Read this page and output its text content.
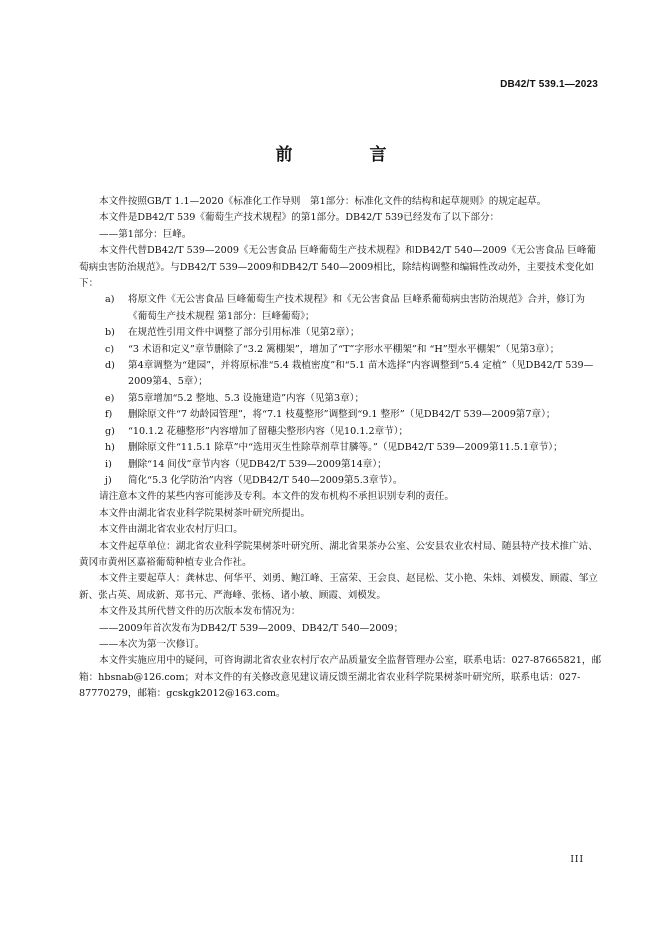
DB42/T 539.1—2023
前　言

本文件按照GB/T 1.1—2020《标准化工作导则　第1部分：标准化文件的结构和起草规则》的规定起草。

本文件是DB42/T 539《葡萄生产技术规程》的第1部分。DB42/T 539已经发布了以下部分：

——第1部分：巨峰。

本文件代替DB42/T 539—2009《无公害食品 巨峰葡萄生产技术规程》和DB42/T 540—2009《无公害食品 巨峰葡萄病虫害防治规范》。与DB42/T 539—2009和DB42/T 540—2009相比，除结构调整和编辑性改动外，主要技术变化如下：

a) 将原文件《无公害食品 巨峰葡萄生产技术规程》和《无公害食品 巨峰系葡萄病虫害防治规范》合并，修订为《葡萄生产技术规程 第1部分：巨峰葡萄》；
b) 在规范性引用文件中调整了部分引用标准（见第2章）；
c) “3 术语和定义”章节删除了“3.2 篱棚架”，增加了“T”字形水平棚架”和 “H”型水平棚架”（见第3章）；
d) 第4章调整为“建园”，并将原标准“5.4 栽植密度”和“5.1 苗木选择”内容调整到“5.4 定植”（见DB42/T 539—2009第4、5章）；
e) 第5章增加“5.2 整地、5.3 设施建造”内容（见第3章）；
f) 删除原文件“7 幼龄园管理”，将“7.1 枝蔓整形”调整到“9.1 整形”（见DB42/T 539—2009第7章）；
g) “10.1.2 花穗整形”内容增加了留穗尖整形内容（见10.1.2章节）；
h) 删除原文件“11.5.1 除草”中“选用灭生性除草剂草甘膦等。”（见DB42/T 539—2009第11.5.1章节）；
i) 删除“14 间伐”章节内容（见DB42/T 539—2009第14章）；
j) 简化“5.3 化学防治”内容（见DB42/T 540—2009第5.3章节）。

请注意本文件的某些内容可能涉及专利。本文件的发布机构不承担识别专利的责任。

本文件由湖北省农业科学院果树茶叶研究所提出。

本文件由湖北省农业农村厅归口。

本文件起草单位：湖北省农业科学院果树茶叶研究所、湖北省果茶办公室、公安县农业农村局、随县特产技术推广站、黄冈市黄州区嘉裕葡萄种植专业合作社。

本文件主要起草人：龚林忠、何华平、刘勇、鲍江峰、王富荣、王会良、赵昆松、艾小艳、朱炜、刘模发、顾霞、邹立新、张占英、周成新、郑书元、严海峰、张杨、诸小敏、顾霞、刘模发。

本文件及其所代替文件的历次版本发布情况为：

——2009年首次发布为DB42/T 539—2009、DB42/T 540—2009；

——本次为第一次修订。

本文件实施应用中的疑问，可咨询湖北省农业农村厅农产品质量安全监督管理办公室，联系电话：027-87665821，邮箱：hbsnab@126.com；对本文件的有关修改意见建议请反馈至湖北省农业科学院果树茶叶研究所，联系电话：027-87770279，邮箱：gcskgk2012@163.com。

III
